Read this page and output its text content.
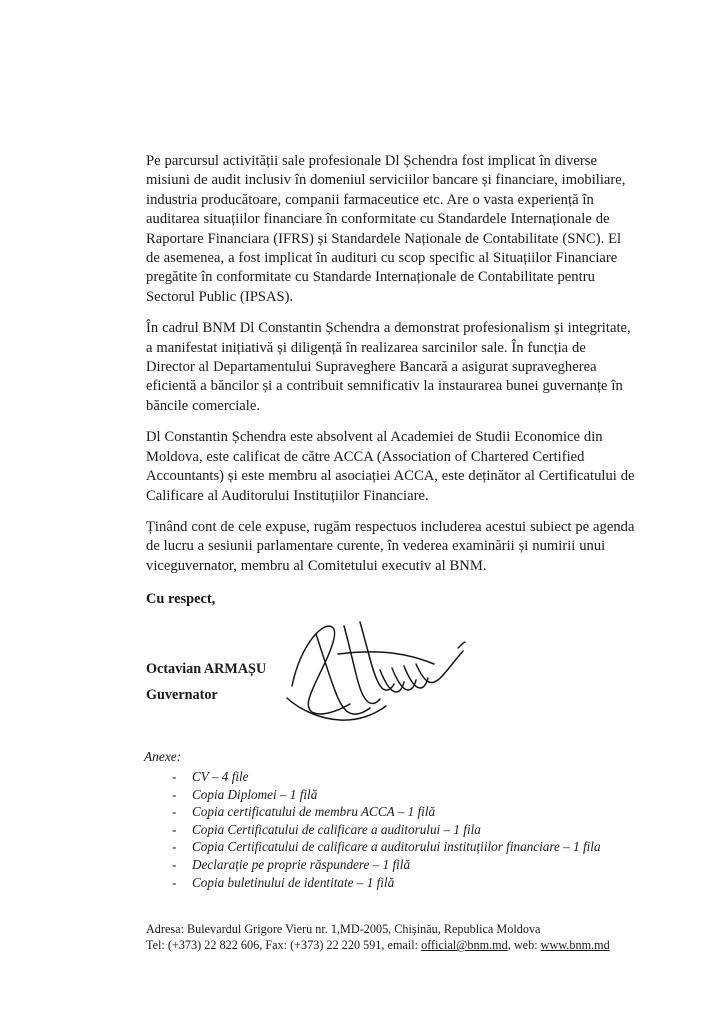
Pe parcursul activității sale profesionale Dl Șchendra fost implicat în diverse misiuni de audit inclusiv în domeniul serviciilor bancare și financiare, imobiliare, industria producătoare, companii farmaceutice etc. Are o vasta experiență în auditarea situațiilor financiare în conformitate cu Standardele Internaționale de Raportare Financiara (IFRS) și Standardele Naționale de Contabilitate (SNC). El de asemenea, a fost implicat în audituri cu scop specific al Situațiilor Financiare pregătite în conformitate cu Standarde Internaționale de Contabilitate pentru Sectorul Public (IPSAS).

În cadrul BNM Dl Constantin Șchendra a demonstrat profesionalism și integritate, a manifestat inițiativă și diligență în realizarea sarcinilor sale. În funcția de Director al Departamentului Supraveghere Bancară a asigurat supravegherea eficientă a băncilor și a contribuit semnificativ la instaurarea bunei guvernanțe în băncile comerciale.

Dl Constantin Șchendra este absolvent al Academiei de Studii Economice din Moldova, este calificat de către ACCA (Association of Chartered Certified Accountants) și este membru al asociației ACCA, este deținător al Certificatului de Calificare al Auditorului Instituțiilor Financiare.

Ținând cont de cele expuse, rugăm respectuos includerea acestui subiect pe agenda de lucru a sesiunii parlamentare curente, în vederea examinării și numirii unui viceguvernator, membru al Comitetului executiv al BNM.

Cu respect,
Octavian ARMAȘU
Guvernator
Anexe:
- CV – 4 file
- Copia Diplomei – 1 filă
- Copia certificatului de membru ACCA – 1 filă
- Copia Certificatului de calificare a auditorului – 1 fila
- Copia Certificatului de calificare a auditorului instituțiilor financiare – 1 fila
- Declarație pe proprie răspundere – 1 filă
- Copia buletinului de identitate – 1 filă
Adresa: Bulevardul Grigore Vieru nr. 1,MD-2005, Chișinău, Republica Moldova
Tel: (+373) 22 822 606, Fax: (+373) 22 220 591, email: official@bnm.md, web: www.bnm.md
